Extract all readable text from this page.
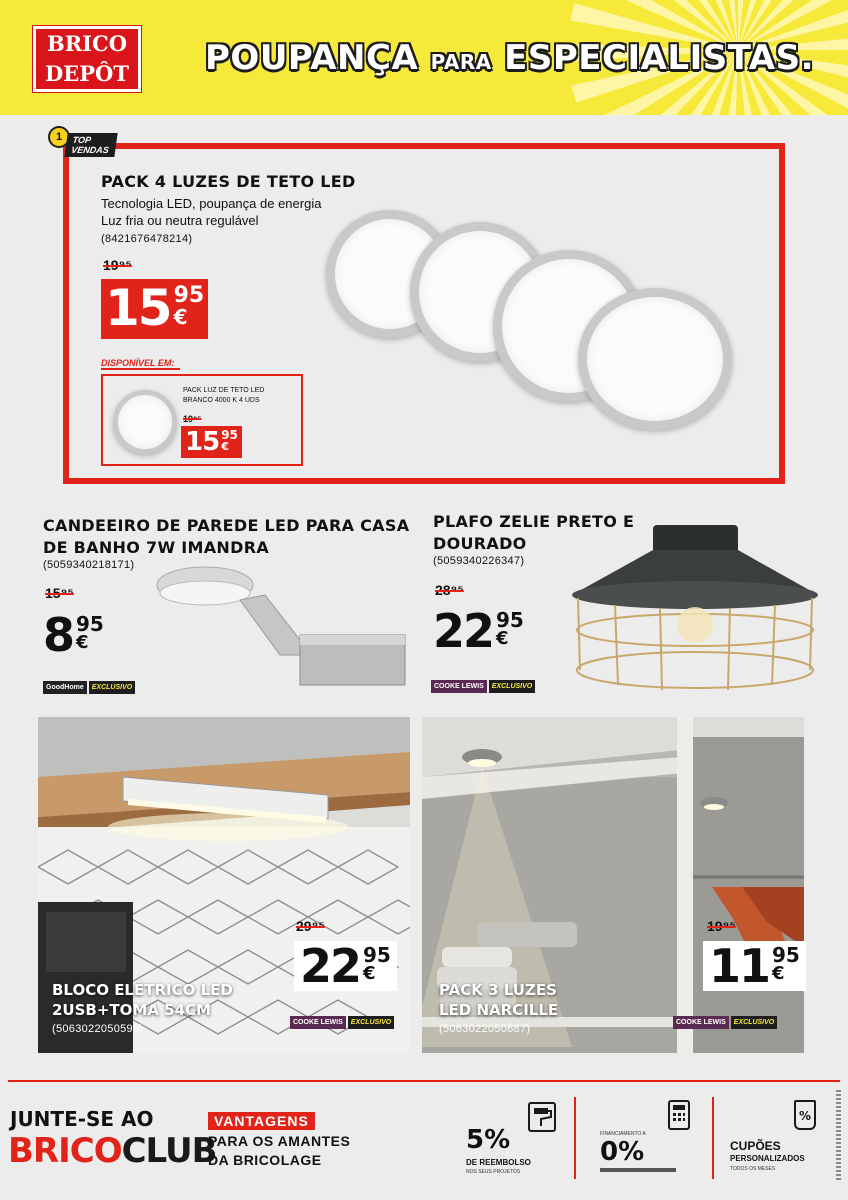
BRICO
DEPÔT POUPANÇA PARA ESPECIALISTAS.
1	TOP
VENDAS
PACK 4 LUZES DE TETO LED
Tecnologia LED, poupança de energia
Luz fria ou neutra regulável
(8421676478214)
19⁹⁵
15 95
€
DISPONÍVEL EM:
PACK LUZ DE TETO LED
BRANCO 4000 K 4 UDS
19⁹⁵
15 95
€
CANDEEIRO DE PAREDE LED PARA CASA
DE BANHO 7W IMANDRA
(5059340218171)
15⁹⁵
8 95
€
GoodHome	EXCLUSIVO
PLAFO ZELIE PRETO E
DOURADO
(5059340226347)
28⁹⁵
22 95
€
COOKE LEWIS	EXCLUSIVO
BLOCO ELÉTRICO LED
2USB+TOMA 54CM
(5063022050595)
29⁹⁵
22 95
€
COOKE LEWIS	EXCLUSIVO
PACK 3 LUZES
LED NARCILLE
(5063022050687)
19⁹⁵
11 95
€
COOKE LEWIS	EXCLUSIVO
JUNTE-SE AO
BRICOCLUB
VANTAGENS
PARA OS AMANTES
DA BRICOLAGE
5%
DE REEMBOLSO
NOS SEUS PROJETOS
FINANCIAMENTO A
0%
%
CUPÕES
PERSONALIZADOS
TODOS OS MESES
